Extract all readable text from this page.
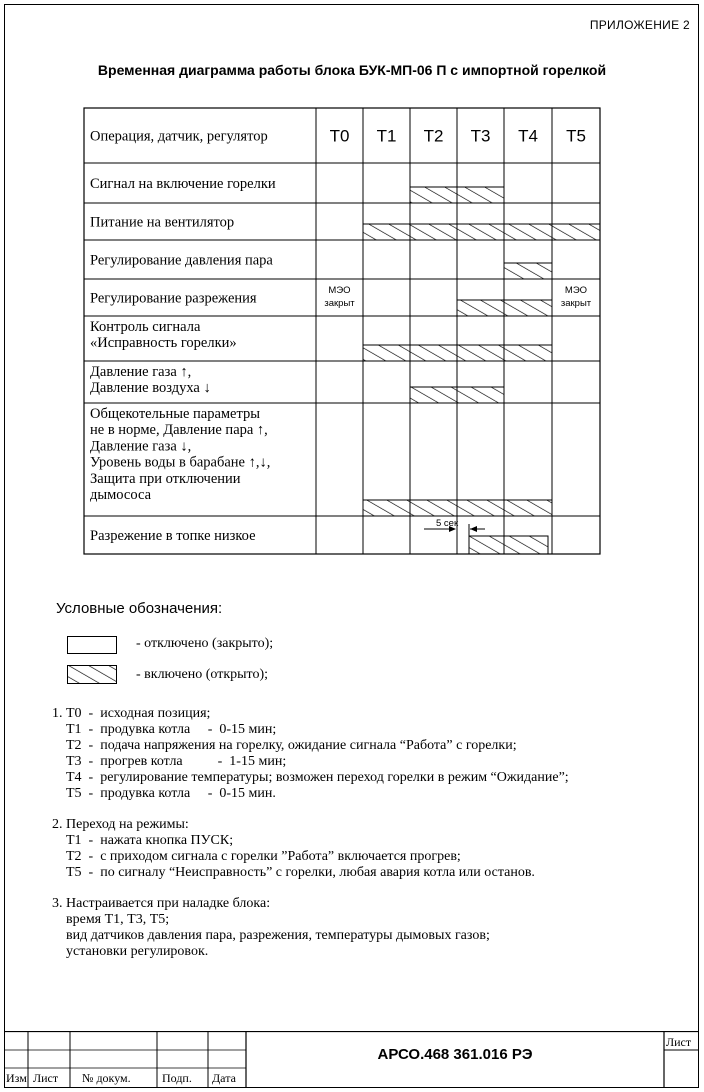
ПРИЛОЖЕНИЕ 2
Временная диаграмма работы блока БУК-МП-06 П с импортной горелкой
Операция, датчик, регулятор	T0 T1 T2 T3 T4 T5
Сигнал на включение горелки
Питание на вентилятор
Регулирование давления пара
Регулирование разрежения
Контроль сигнала
«Исправность горелки»
Давление газа ↑,
Давление воздуха ↓
Общекотельные параметры
не в норме, Давление пара ↑,
Давление газа ↓,
Уровень воды в барабане ↑,↓,
Защита при отключении
дымососа
Разрежение в топке низкое
МЭО
закрыт
МЭО
закрыт
5 сек
Условные обозначения:
- отключено (закрыто);
- включено (открыто);
1. Т0  -  исходная позиция;
Т1  -  продувка котла     -  0-15 мин;
Т2  -  подача напряжения на горелку, ожидание сигнала “Работа” с горелки;
Т3  -  прогрев котла          -  1-15 мин;
Т4  -  регулирование температуры; возможен переход горелки в режим “Ожидание”;
Т5  -  продувка котла     -  0-15 мин.
2. Переход на режимы:
Т1  -  нажата кнопка ПУСК;
Т2  -  с приходом сигнала с горелки ”Работа” включается прогрев;
Т5  -  по сигналу “Неисправность” с горелки, любая авария котла или останов.
3. Настраивается при наладке блока:
время Т1, Т3, Т5;
вид датчиков давления пара, разрежения, температуры дымовых газов;
установки регулировок.
АРСО.468 361.016 РЭ
Изм Лист № докум.	Подп. Дата
Лист
